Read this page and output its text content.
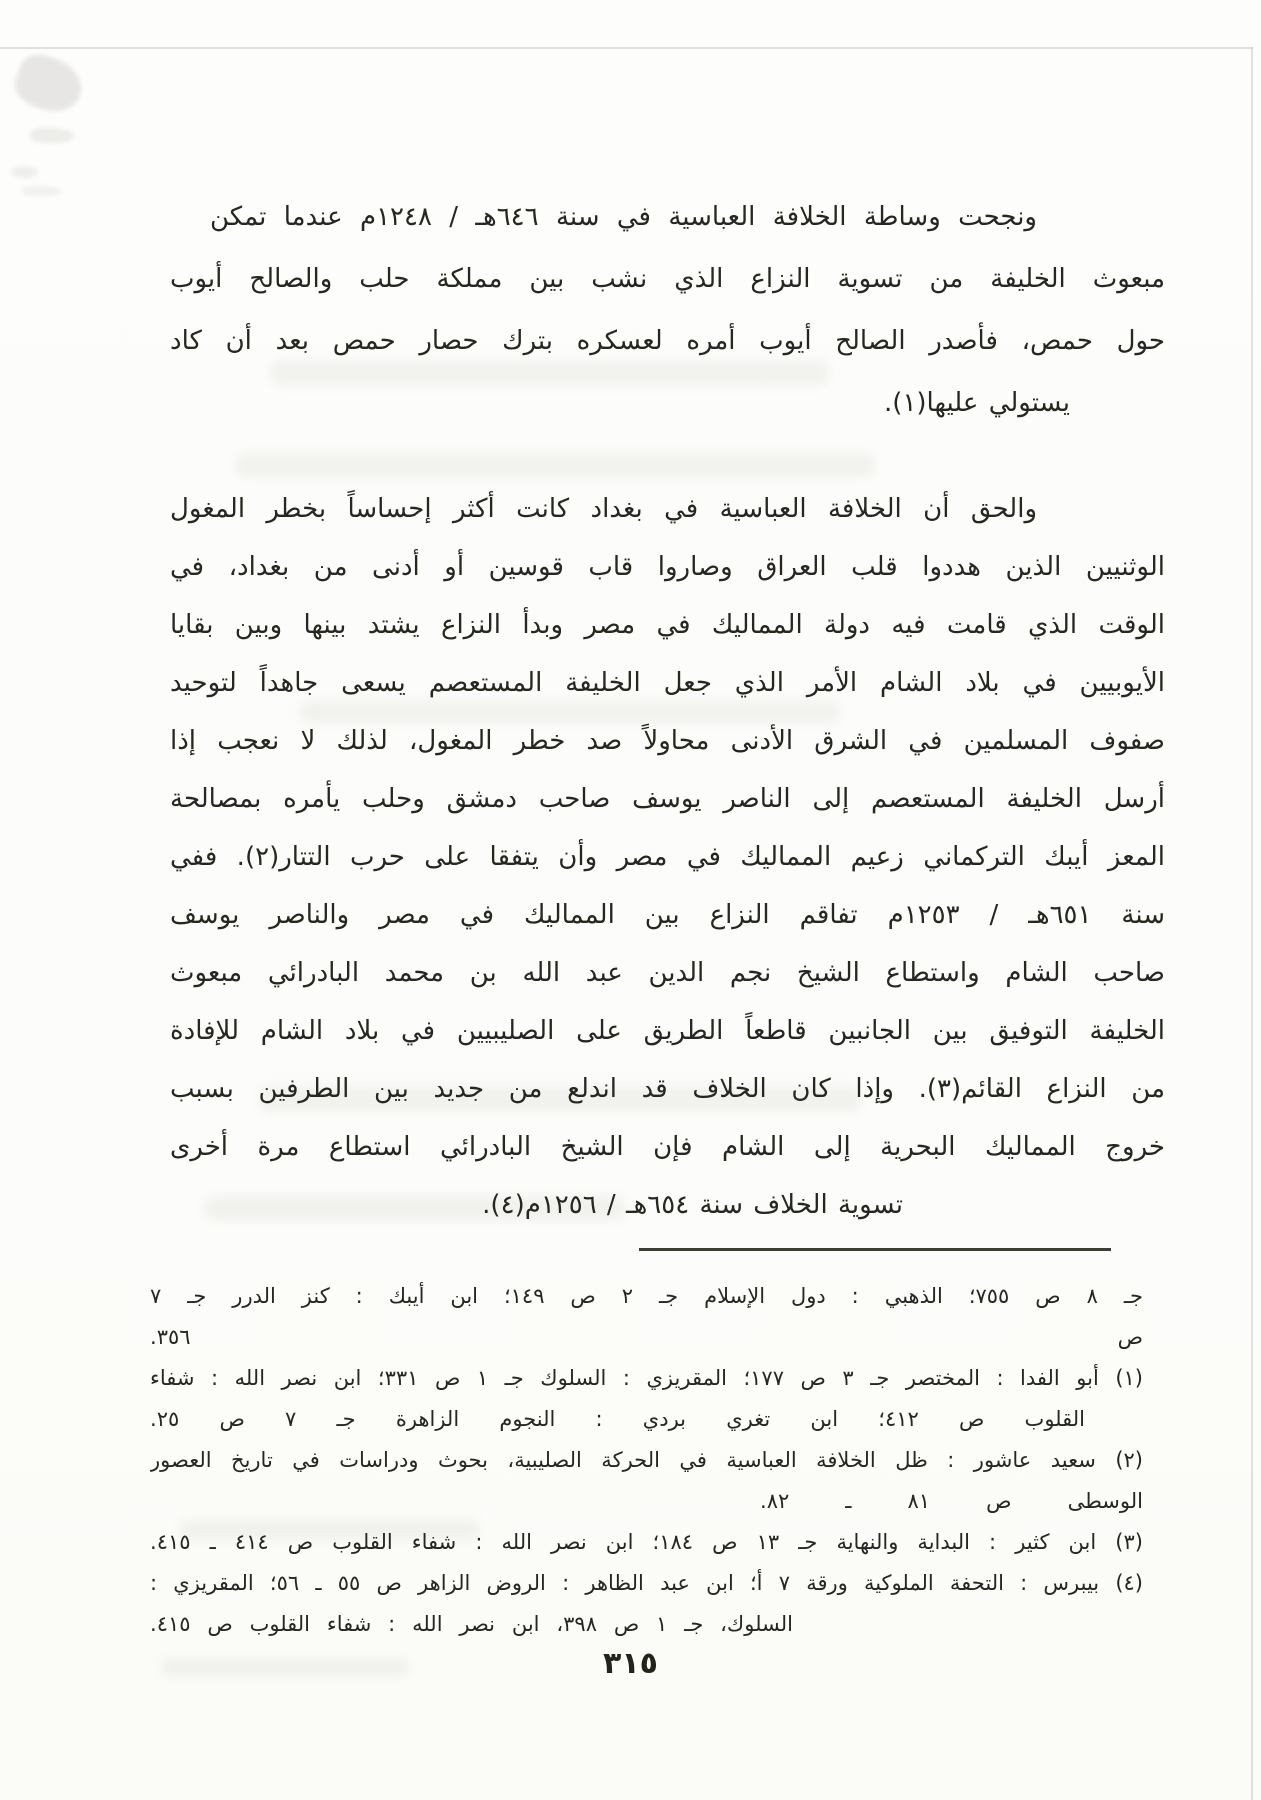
ونجحت وساطة الخلافة العباسية في سنة ٦٤٦هـ / ١٢٤٨م عندما تمكن
مبعوث الخليفة من تسوية النزاع الذي نشب بين مملكة حلب والصالح أيوب
حول حمص، فأصدر الصالح أيوب أمره لعسكره بترك حصار حمص بعد أن كاد
يستولي عليها(١).
والحق أن الخلافة العباسية في بغداد كانت أكثر إحساساً بخطر المغول
الوثنيين الذين هددوا قلب العراق وصاروا قاب قوسين أو أدنى من بغداد، في
الوقت الذي قامت فيه دولة المماليك في مصر وبدأ النزاع يشتد بينها وبين بقايا
الأيوبيين في بلاد الشام الأمر الذي جعل الخليفة المستعصم يسعى جاهداً لتوحيد
صفوف المسلمين في الشرق الأدنى محاولاً صد خطر المغول، لذلك لا نعجب إذا
أرسل الخليفة المستعصم إلى الناصر يوسف صاحب دمشق وحلب يأمره بمصالحة
المعز أيبك التركماني زعيم المماليك في مصر وأن يتفقا على حرب التتار(٢). ففي
سنة ٦٥١هـ / ١٢٥٣م تفاقم النزاع بين المماليك في مصر والناصر يوسف
صاحب الشام واستطاع الشيخ نجم الدين عبد الله بن محمد البادرائي مبعوث
الخليفة التوفيق بين الجانبين قاطعاً الطريق على الصليبيين في بلاد الشام للإفادة
من النزاع القائم(٣). وإذا كان الخلاف قد اندلع من جديد بين الطرفين بسبب
خروج المماليك البحرية إلى الشام فإن الشيخ البادرائي استطاع مرة أخرى
تسوية الخلاف سنة ٦٥٤هـ / ١٢٥٦م(٤).
جـ ٨ ص ٧٥٥؛ الذهبي : دول الإسلام جـ ٢ ص ١٤٩؛ ابن أيبك : كنز الدرر جـ ٧
ص ٣٥٦.
(١) أبو الفدا : المختصر جـ ٣ ص ١٧٧؛ المقريزي : السلوك جـ ١ ص ٣٣١؛ ابن نصر الله : شفاء
القلوب ص ٤١٢؛ ابن تغري بردي : النجوم الزاهرة جـ ٧ ص ٢٥.
(٢) سعيد عاشور : ظل الخلافة العباسية في الحركة الصليبية، بحوث ودراسات في تاريخ العصور
الوسطى ص ٨١ ـ ٨٢.
(٣) ابن كثير : البداية والنهاية جـ ١٣ ص ١٨٤؛ ابن نصر الله : شفاء القلوب ص ٤١٤ ـ ٤١٥.
(٤) بيبرس : التحفة الملوكية ورقة ٧ أ؛ ابن عبد الظاهر : الروض الزاهر ص ٥٥ ـ ٥٦؛ المقريزي :
السلوك، جـ ١ ص ٣٩٨، ابن نصر الله : شفاء القلوب ص ٤١٥.
٣١٥
